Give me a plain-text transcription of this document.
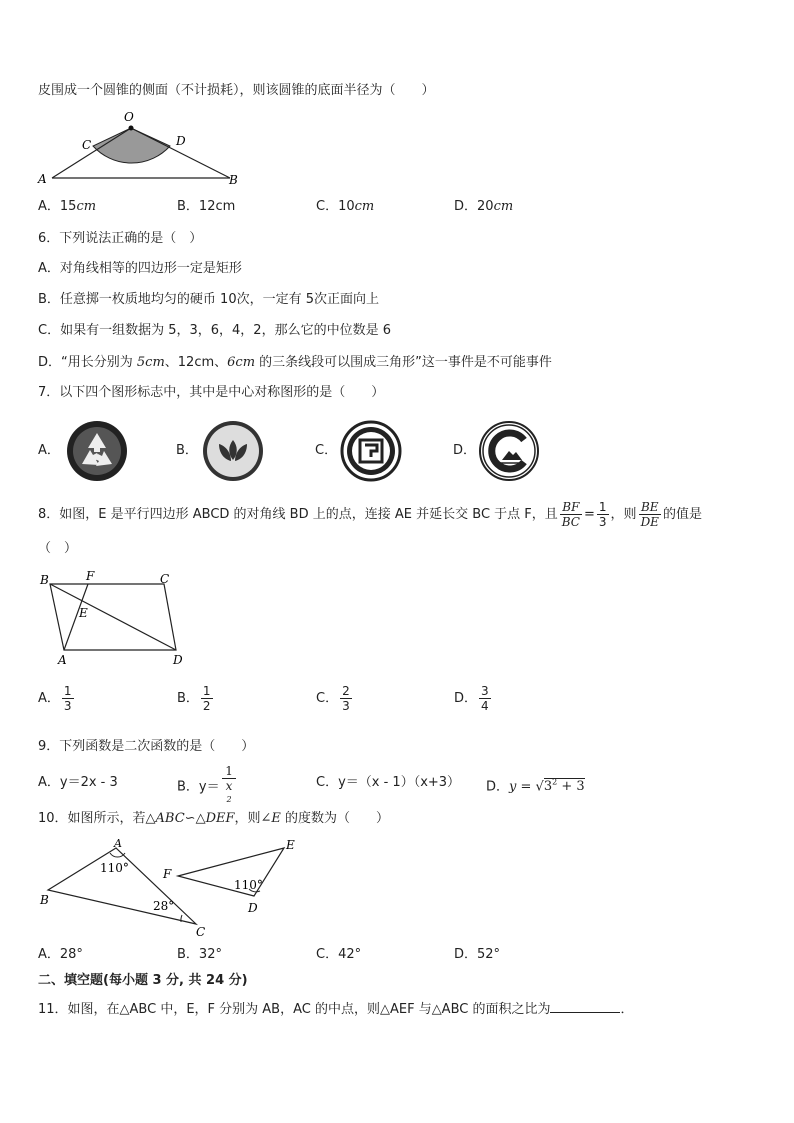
皮围成一个圆锥的侧面（不计损耗），则该圆锥的底面半径为（　　）
O
C	D
A	B
A．15cm	B．12cm	C．10cm	D．20cm
6．下列说法正确的是（　）
A．对角线相等的四边形一定是矩形
B．任意掷一枚质地均匀的硬币 10次，一定有 5次正面向上
C．如果有一组数据为 5，3，6，4，2，那么它的中位数是 6
D．“用长分别为 5cm、12cm、6cm 的三条线段可以围成三角形”这一事件是不可能事件
7．以下四个图形标志中，其中是中心对称图形的是（　　）
A．	B．	C．	D．
8．如图，E 是平行四边形 ABCD 的对角线 BD 上的点，连接 AE 并延长交 BC 于点 F，且 $\frac{BF}{BC} = \frac{1}{3}$ ，则 $\frac{BE}{DE}$ 的值是
（　）
B	F	C
E
A	D
A． $\frac{1}{3}$	B． $\frac{1}{2}$	C． $\frac{2}{3}$	D． $\frac{3}{4}$
9．下列函数是二次函数的是（　　）
A．y＝2x - 3	B．y＝ 1
x
$^2$	C．y＝（x - 1）（x+3） D．$y = √3^2 + 3$
10．如图所示，若△ABC∽△DEF，则∠E 的度数为（　　）
A
110°
B	28°
C
F
E
110°
D
A．28°	B．32°	C．42°	D．52°
二、填空题(每小题 3 分, 共 24 分)
11．如图，在△ABC 中，E，F 分别为 AB，AC 的中点，则△AEF 与△ABC 的面积之比为	．
